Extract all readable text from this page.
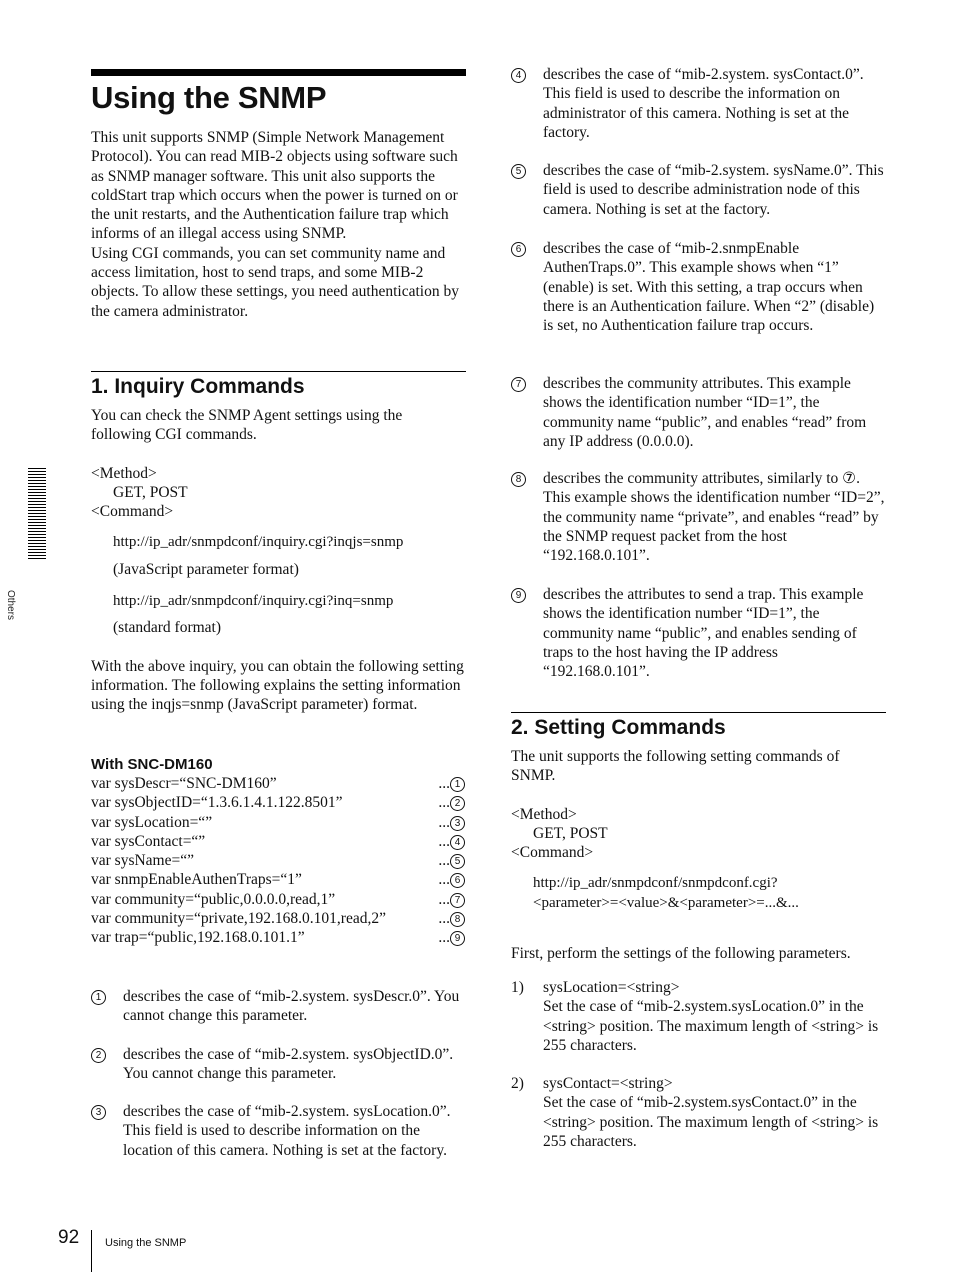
Using the SNMP

This unit supports SNMP (Simple Network Management Protocol). You can read MIB-2 objects using software such as SNMP manager software. This unit also supports the coldStart trap which occurs when the power is turned on or the unit restarts, and the Authentication failure trap which informs of an illegal access using SNMP.

Using CGI commands, you can set community name and access limitation, host to send traps, and some MIB-2 objects. To allow these settings, you need authentication by the camera administrator.

1. Inquiry Commands

You can check the SNMP Agent settings using the following CGI commands.

<Method>

GET, POST

<Command>

http://ip_adr/snmpdconf/inquiry.cgi?inqjs=snmp

(JavaScript parameter format)

http://ip_adr/snmpdconf/inquiry.cgi?inq=snmp

(standard format)

With the above inquiry, you can obtain the following setting information. The following explains the setting information using the inqjs=snmp (JavaScript parameter) format.

With SNC-DM160

var sysDescr=“SNC-DM160”	... 1
var sysObjectID=“1.3.6.1.4.1.122.8501”	... 2
var sysLocation=“”	... 3
var sysContact=“”	... 4
var sysName=“”	... 5
var snmpEnableAuthenTraps=“1”	... 6
var community=“public,0.0.0.0,read,1”	... 7
var community=“private,192.168.0.101,read,2”	... 8
var trap=“public,192.168.0.101.1”	... 9
1	describes the case of “mib-2.system. sysDescr.0”. You cannot change this parameter.

2	describes the case of “mib-2.system. sysObjectID.0”. You cannot change this parameter.

3	describes the case of “mib-2.system. sysLocation.0”. This field is used to describe information on the location of this camera. Nothing is set at the factory.

4	describes the case of “mib-2.system. sysContact.0”. This field is used to describe the information on administrator of this camera. Nothing is set at the factory.

5	describes the case of “mib-2.system. sysName.0”. This field is used to describe administration node of this camera. Nothing is set at the factory.

6	describes the case of “mib-2.snmpEnable AuthenTraps.0”. This example shows when “1” (enable) is set. With this setting, a trap occurs when there is an Authentication failure. When “2” (disable) is set, no Authentication failure trap occurs.

7	describes the community attributes. This example shows the identification number “ID=1”, the community name “public”, and enables “read” from any IP address (0.0.0.0).

8	describes the community attributes, similarly to ⑦. This example shows the identification number “ID=2”, the community name “private”, and enables “read” by the SNMP request packet from the host “192.168.0.101”.

9	describes the attributes to send a trap. This example shows the identification number “ID=1”, the community name “public”, and enables sending of traps to the host having the IP address “192.168.0.101”.

2. Setting Commands

The unit supports the following setting commands of SNMP.

<Method>

GET, POST

<Command>

http://ip_adr/snmpdconf/snmpdconf.cgi?

<parameter>=<value>&<parameter>=...&...

First, perform the settings of the following parameters.

1)	sysLocation=<string>

Set the case of “mib-2.system.sysLocation.0” in the <string> position. The maximum length of <string> is 255 characters.

2)	sysContact=<string>

Set the case of “mib-2.system.sysContact.0” in the <string> position. The maximum length of <string> is 255 characters.

Others
92 Using the SNMP
